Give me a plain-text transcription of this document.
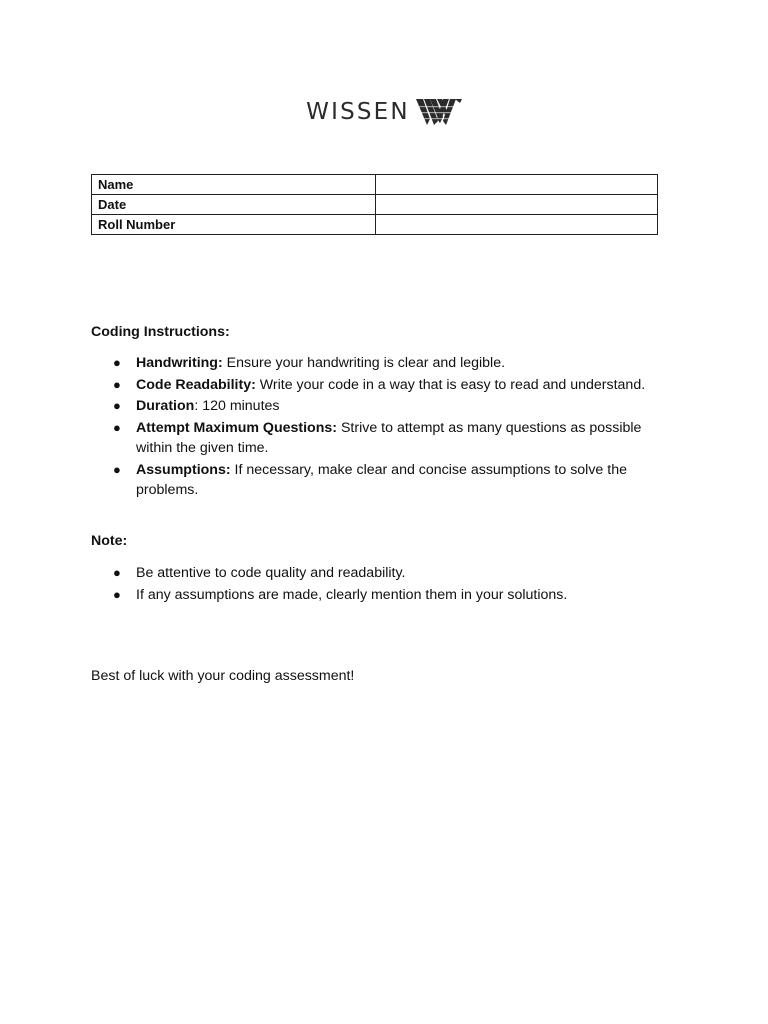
WISSEN
Name	
Date	
Roll Number	

Coding Instructions:

● Handwriting: Ensure your handwriting is clear and legible.
● Code Readability: Write your code in a way that is easy to read and understand.
● Duration: 120 minutes
● Attempt Maximum Questions: Strive to attempt as many questions as possible within the given time.
● Assumptions: If necessary, make clear and concise assumptions to solve the problems.

Note:

● Be attentive to code quality and readability.
● If any assumptions are made, clearly mention them in your solutions.
Best of luck with your coding assessment!
